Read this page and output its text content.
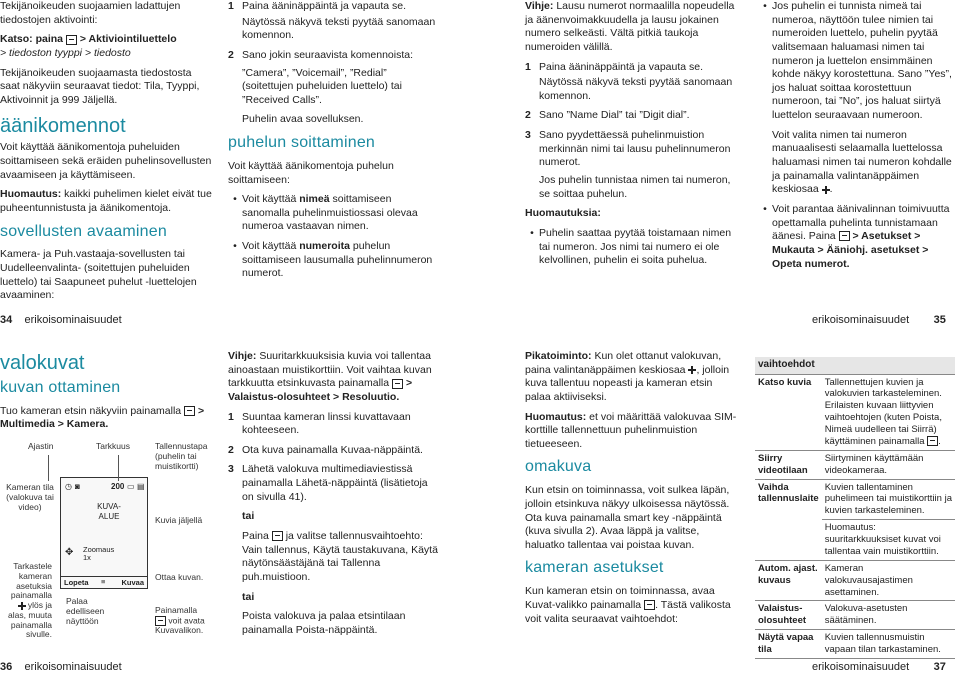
Tekijänoikeuden suojaamien ladattujen tiedostojen aktivointi:

Katso: paina > Aktiviointiluettelo

> tiedoston tyyppi > tiedosto

Tekijänoikeuden suojaamasta tiedostosta saat näkyviin seuraavat tiedot: Tila, Tyyppi, Aktivoinnit ja 999 Jäljellä.

äänikomennot

Voit käyttää äänikomentoja puheluiden soittamiseen sekä eräiden puhelinsovellusten avaamiseen ja käyttämiseen.

Huomautus: kaikki puhelimen kielet eivät tue puheentunnistusta ja äänikomentoja.

sovellusten avaaminen

Kamera- ja Puh.vastaaja-sovellusten tai Uudelleenvalinta- (soitettujen puheluiden luettelo) tai Saapuneet puhelut -luettelojen avaaminen:

1 Paina ääninäppäintä ja vapauta se.

Näytössä näkyvä teksti pyytää sanomaan komennon.

2 Sano jokin seuraavista komennoista:

”Camera”, ”Voicemail”, ”Redial” (soitettujen puheluiden luettelo) tai ”Received Calls”.

Puhelin avaa sovelluksen.

puhelun soittaminen

Voit käyttää äänikomentoja puhelun soittamiseen:

• Voit käyttää nimeä soittamiseen sanomalla puhelinmuistiossasi olevaa numeroa vastaavan nimen.
• Voit käyttää numeroita puhelun soittamiseen lausumalla puhelinnumeron numerot.
34 erikoisominaisuudet

Vihje: Lausu numerot normaalilla nopeudella ja äänenvoimakkuudella ja lausu jokainen numero selkeästi. Vältä pitkiä taukoja numeroiden välillä.

1 Paina ääninäppäintä ja vapauta se.

Näytössä näkyvä teksti pyytää sanomaan komennon.

2 Sano ”Name Dial” tai ”Digit dial”.
3 Sano pyydettäessä puhelinmuistion merkinnän nimi tai lausu puhelinnumeron numerot.

Jos puhelin tunnistaa nimen tai numeron, se soittaa puhelun.

Huomautuksia:

• Puhelin saattaa pyytää toistamaan nimen tai numeron. Jos nimi tai numero ei ole kelvollinen, puhelin ei soita puhelua.
• Jos puhelin ei tunnista nimeä tai numeroa, näyttöön tulee nimien tai numeroiden luettelo, puhelin pyytää valitsemaan haluamasi nimen tai numeron ja luettelon ensimmäinen kohde näkyy korostettuna. Sano ”Yes”, jos haluat soittaa korostettuun numeroon, tai ”No”, jos haluat siirtyä luettelon seuraavaan numeroon.

Voit valita nimen tai numeron manuaalisesti selaamalla luettelossa haluamasi nimen tai numeron kohdalle ja painamalla valintanäppäimen keskiosaa .

• Voit parantaa äänivalinnan toimivuutta opettamalla puhelinta tunnistamaan äänesi. Paina > Asetukset > Mukauta > Ääniohj. asetukset > Opeta numerot.
erikoisominaisuudet 35
valokuvat
kuvan ottaminen

Tuo kameran etsin näkyviin painamalla > Multimedia > Kamera.

◷ ◙	200 ▭ ▤
KUVA-ALUE
✥ Zoomaus
1x
Lopeta ≡ Kuvaa
Ajastin	Tarkkuus	Tallennustapa (puhelin tai muistikortti)
Kameran tila (valokuva tai video)
Kuvia jäljellä
Tarkastele kameran asetuksia painamalla
ylös ja alas, muuta painamalla sivulle.
Ottaa kuvan.
Palaa edelliseen näyttöön
Painamalla
voit avata Kuvavalikon.

Vihje: Suuritarkkuuksisia kuvia voi tallentaa ainoastaan muistikorttiin. Voit vaihtaa kuvan tarkkuutta etsinkuvasta painamalla > Valaistus-olosuhteet > Resoluutio.

1 Suuntaa kameran linssi kuvattavaan kohteeseen.
2 Ota kuva painamalla Kuvaa-näppäintä.
3 Lähetä valokuva multimediaviestissä painamalla Lähetä-näppäintä (lisätietoja on sivulla 41).

tai

Paina ja valitse tallennusvaihtoehto: Vain tallennus, Käytä taustakuvana, Käytä näytönsäästäjänä tai Tallenna puh.muistioon.

tai

Poista valokuva ja palaa etsintilaan painamalla Poista-näppäintä.

36 erikoisominaisuudet

Pikatoiminto: Kun olet ottanut valokuvan, paina valintanäppäimen keskiosaa , jolloin kuva tallentuu nopeasti ja kameran etsin palaa aktiiviseksi.

Huomautus: et voi määrittää valokuvaa SIM-korttille tallennettuun puhelinmuistion tietueeseen.

omakuva

Kun etsin on toiminnassa, voit sulkea läpän, jolloin etsinkuva näkyy ulkoisessa näytössä. Ota kuva painamalla smart key -näppäintä (kuva sivulla 2). Avaa läppä ja valitse, haluatko tallentaa vai poistaa kuvan.

kameran asetukset

Kun kameran etsin on toiminnassa, avaa Kuvat-valikko painamalla . Tästä valikosta voit valita seuraavat vaihtoehdot:

vaihtoehdot	
Katso kuvia	Tallennettujen kuvien ja valokuvien tarkasteleminen. Erilaisten kuvaan liittyvien vaihtoehtojen (kuten Poista, Nimeä uudelleen tai Siirrä) käyttäminen painamalla .
Siirry videotilaan	Siirtyminen käyttämään videokameraa.
Vaihda tallennuslaite	Kuvien tallentaminen puhelimeen tai muistikorttiin ja kuvien tarkasteleminen.
	Huomautus: suuritarkkuuksiset kuvat voi tallentaa vain muistikorttiin.
Autom. ajast. kuvaus	Kameran valokuvausajastimen asettaminen.
Valaistus-olosuhteet	Valokuva-asetusten säätäminen.
Näytä vapaa tila	Kuvien tallennusmuistin vapaan tilan tarkastaminen.
erikoisominaisuudet 37
